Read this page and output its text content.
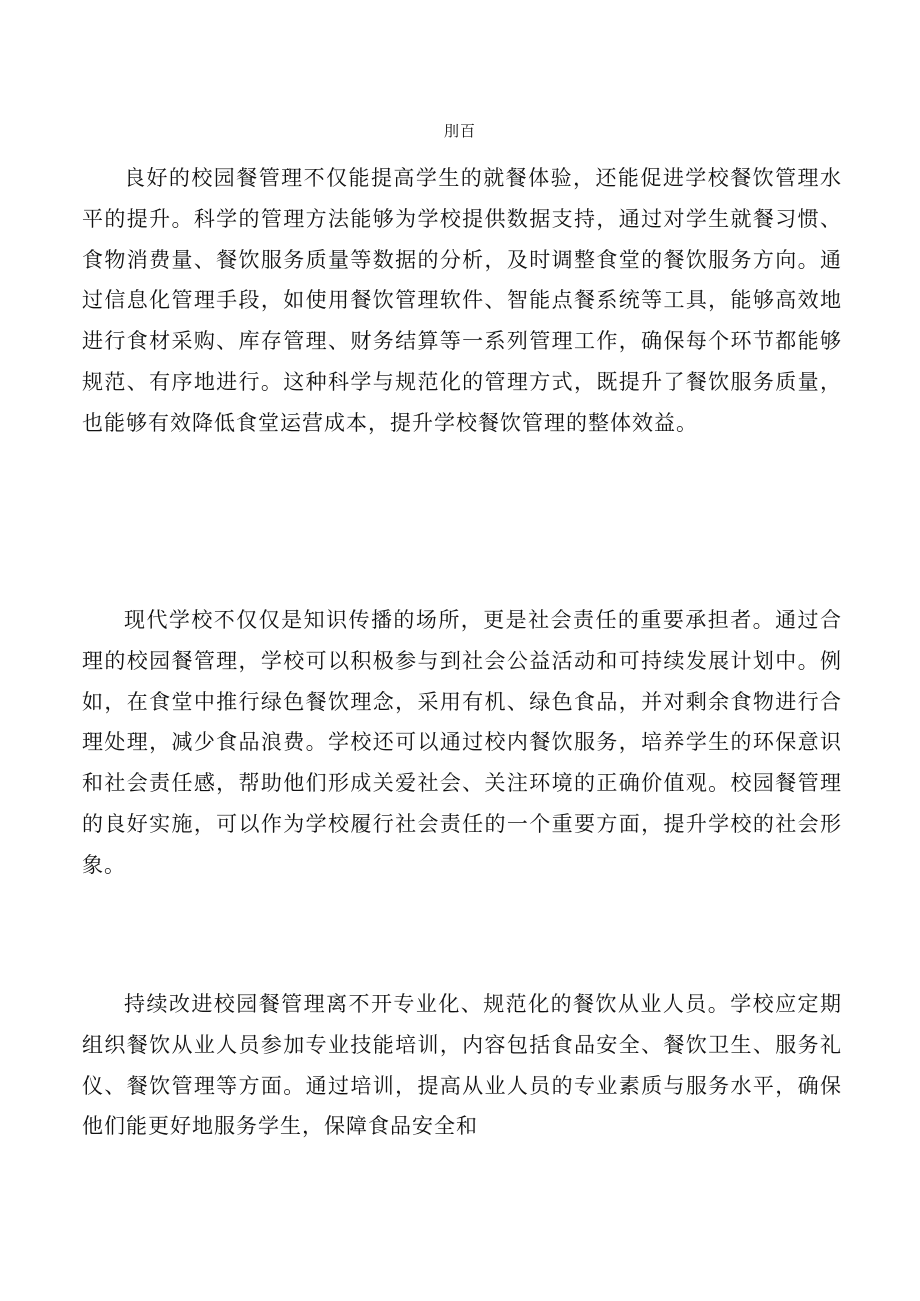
刖百

良好的校园餐管理不仅能提高学生的就餐体验，还能促进学校餐饮管理水平的提升。科学的管理方法能够为学校提供数据支持，通过对学生就餐习惯、食物消费量、餐饮服务质量等数据的分析，及时调整食堂的餐饮服务方向。通过信息化管理手段，如使用餐饮管理软件、智能点餐系统等工具，能够高效地进行食材采购、库存管理、财务结算等一系列管理工作，确保每个环节都能够规范、有序地进行。这种科学与规范化的管理方式，既提升了餐饮服务质量，也能够有效降低食堂运营成本，提升学校餐饮管理的整体效益。

现代学校不仅仅是知识传播的场所，更是社会责任的重要承担者。通过合理的校园餐管理，学校可以积极参与到社会公益活动和可持续发展计划中。例如，在食堂中推行绿色餐饮理念，采用有机、绿色食品，并对剩余食物进行合理处理，减少食品浪费。学校还可以通过校内餐饮服务，培养学生的环保意识和社会责任感，帮助他们形成关爱社会、关注环境的正确价值观。校园餐管理的良好实施，可以作为学校履行社会责任的一个重要方面，提升学校的社会形象。

持续改进校园餐管理离不开专业化、规范化的餐饮从业人员。学校应定期组织餐饮从业人员参加专业技能培训，内容包括食品安全、餐饮卫生、服务礼仪、餐饮管理等方面。通过培训，提高从业人员的专业素质与服务水平，确保他们能更好地服务学生，保障食品安全和
